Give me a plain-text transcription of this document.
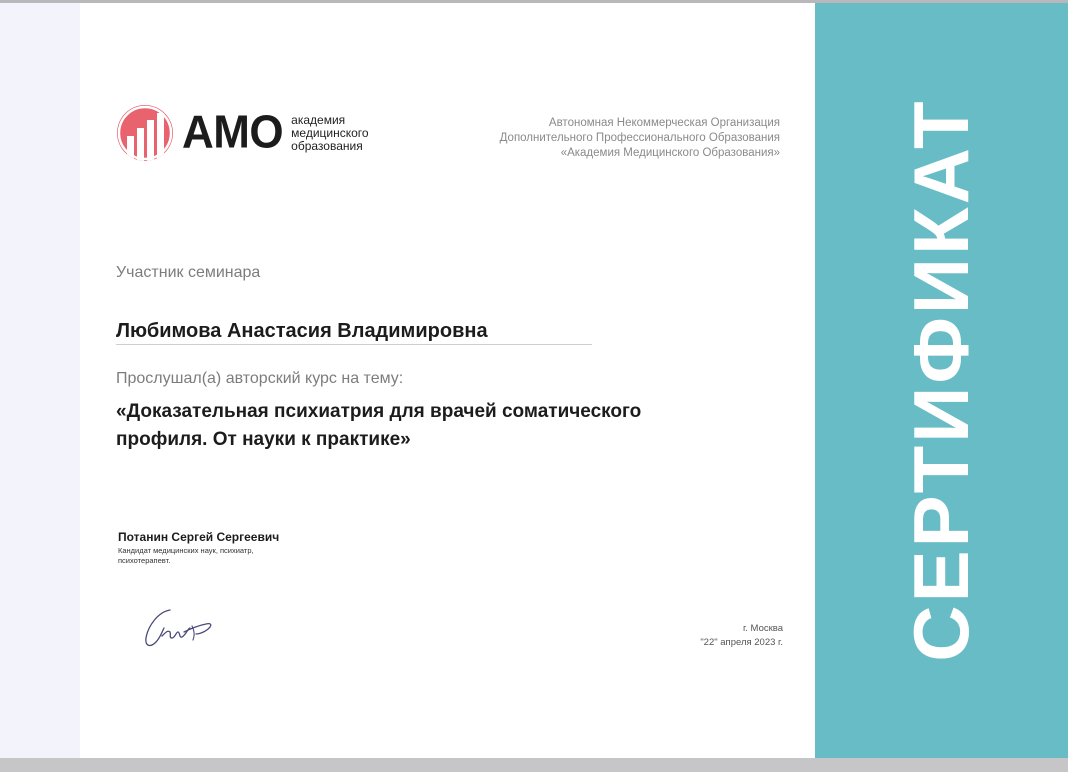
СЕРТИФИКАТ
АМО академия
медицинского
образования
Автономная Некоммерческая Организация
Дополнительного Профессионального Образования
«Академия Медицинского Образования»
Участник семинара
Любимова Анастасия Владимировна
Прослушал(а) авторский курс на тему:
«Доказательная психиатрия для врачей соматического
профиля. От науки к практике»
Потанин Сергей Сергеевич
Кандидат медицинских наук, психиатр,
психотерапевт.
г. Москва
"22" апреля 2023 г.
